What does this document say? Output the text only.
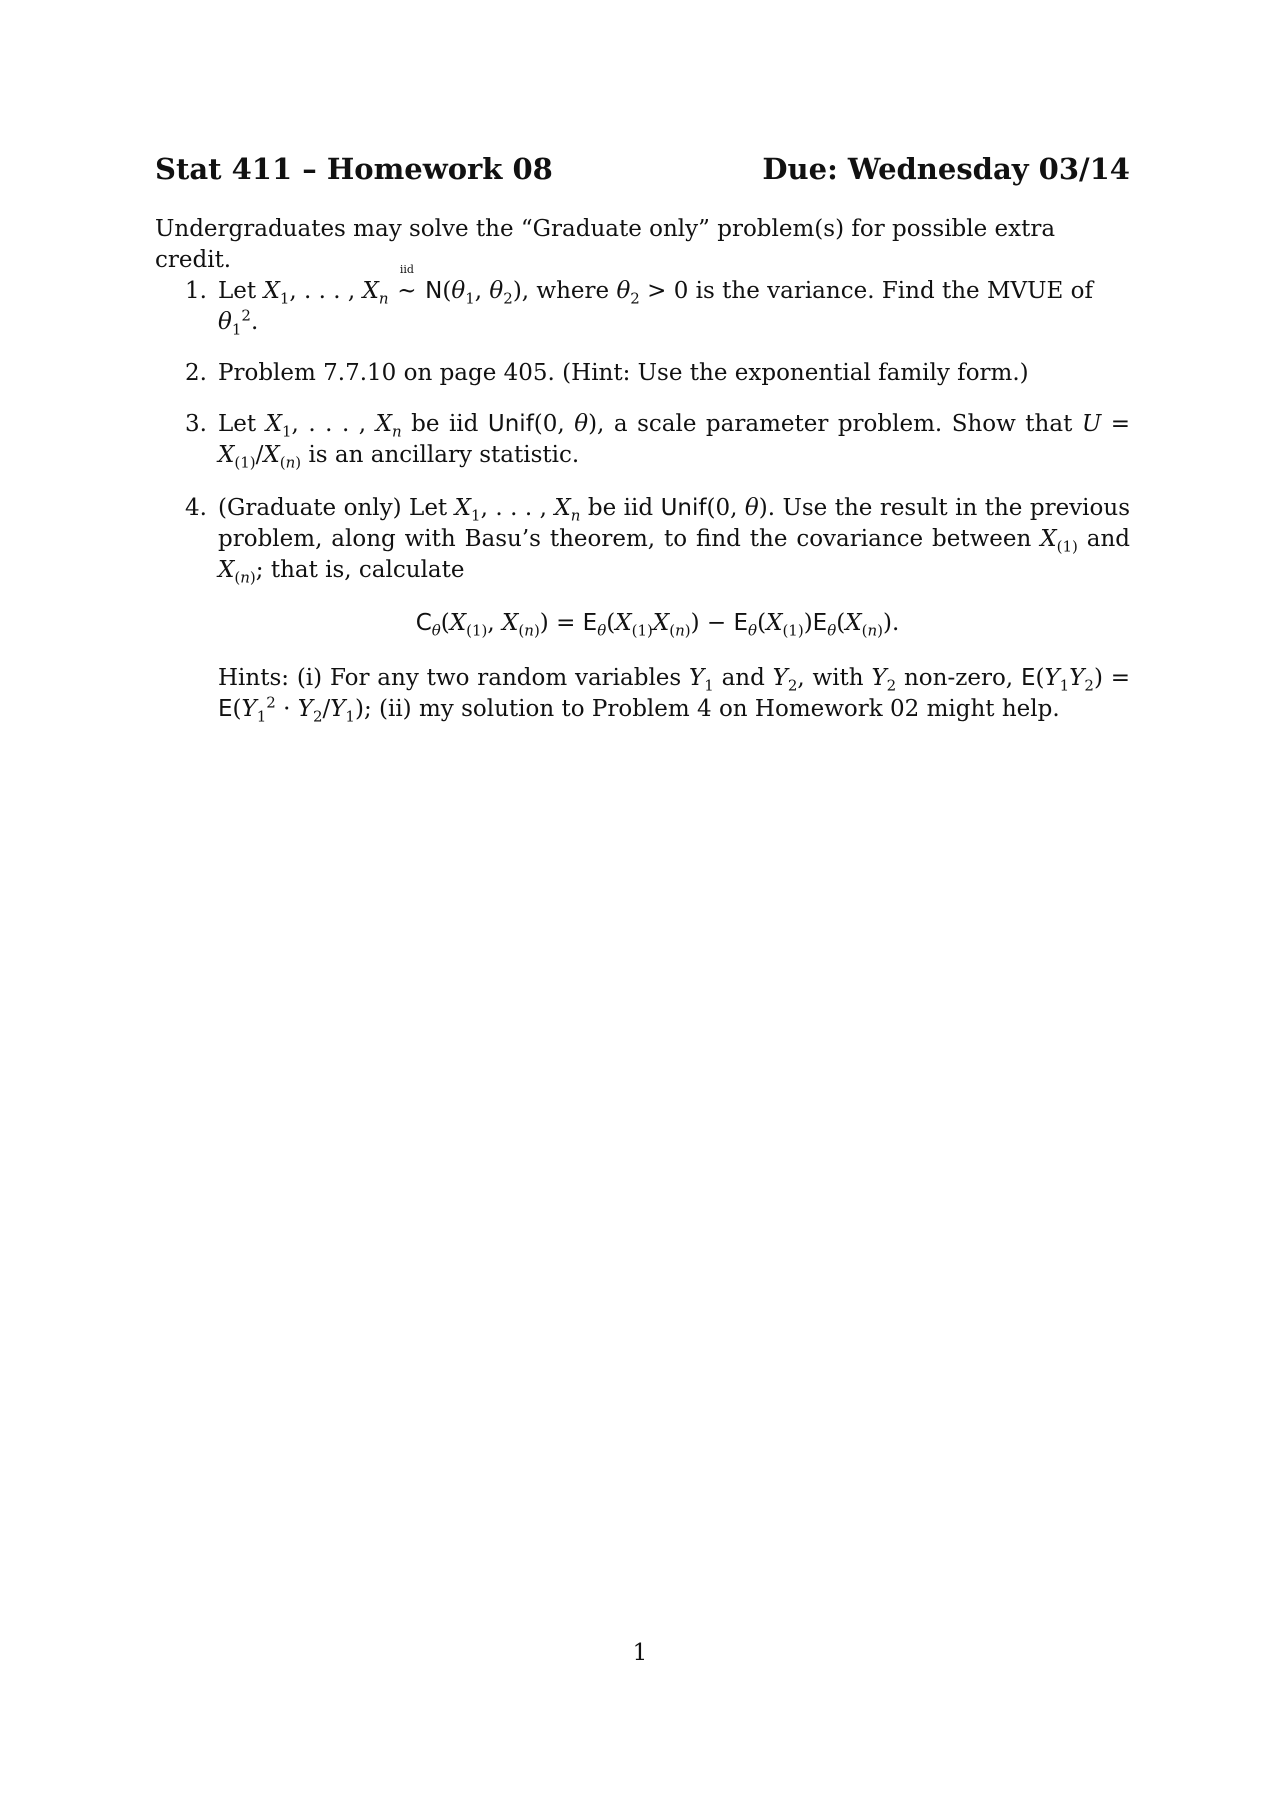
Stat 411 – Homework 08	Due: Wednesday 03/14
Undergraduates may solve the “Graduate only” problem(s) for possible extra credit.
1. Let $X_1$, . . . , $X_n$
iid
~ $N(\theta_1$, $\theta_2$), where $\theta_2 > 0$ is the variance. Find the MVUE of $\theta_1^2$.
2. Problem 7.7.10 on page 405. (Hint: Use the exponential family form.)
3. Let $X_1$, . . . , $X_n$ be iid Unif(0, θ), a scale parameter problem. Show that $U = X_{(1)}/X_{(n)}$ is an ancillary statistic.
4. (Graduate only) Let $X_1$, . . . , $X_n$ be iid Unif(0, θ). Use the result in the previous problem, along with Basu’s theorem, to find the covariance between $X_{(1)}$ and $X_{(n)}$; that is, calculate
$C_\theta(X_{(1)}$, $X_{(n)}) = E_\theta(X_{(1)}X_{(n)}) - E_\theta(X_{(1)})E_\theta(X_{(n)})$.
Hints: (i) For any two random variables $Y_1$ and $Y_2$, with $Y_2$ non-zero, $E(Y_1Y_2) = E(Y_1^2 \cdot Y_2/Y_1)$; (ii) my solution to Problem 4 on Homework 02 might help.
1
